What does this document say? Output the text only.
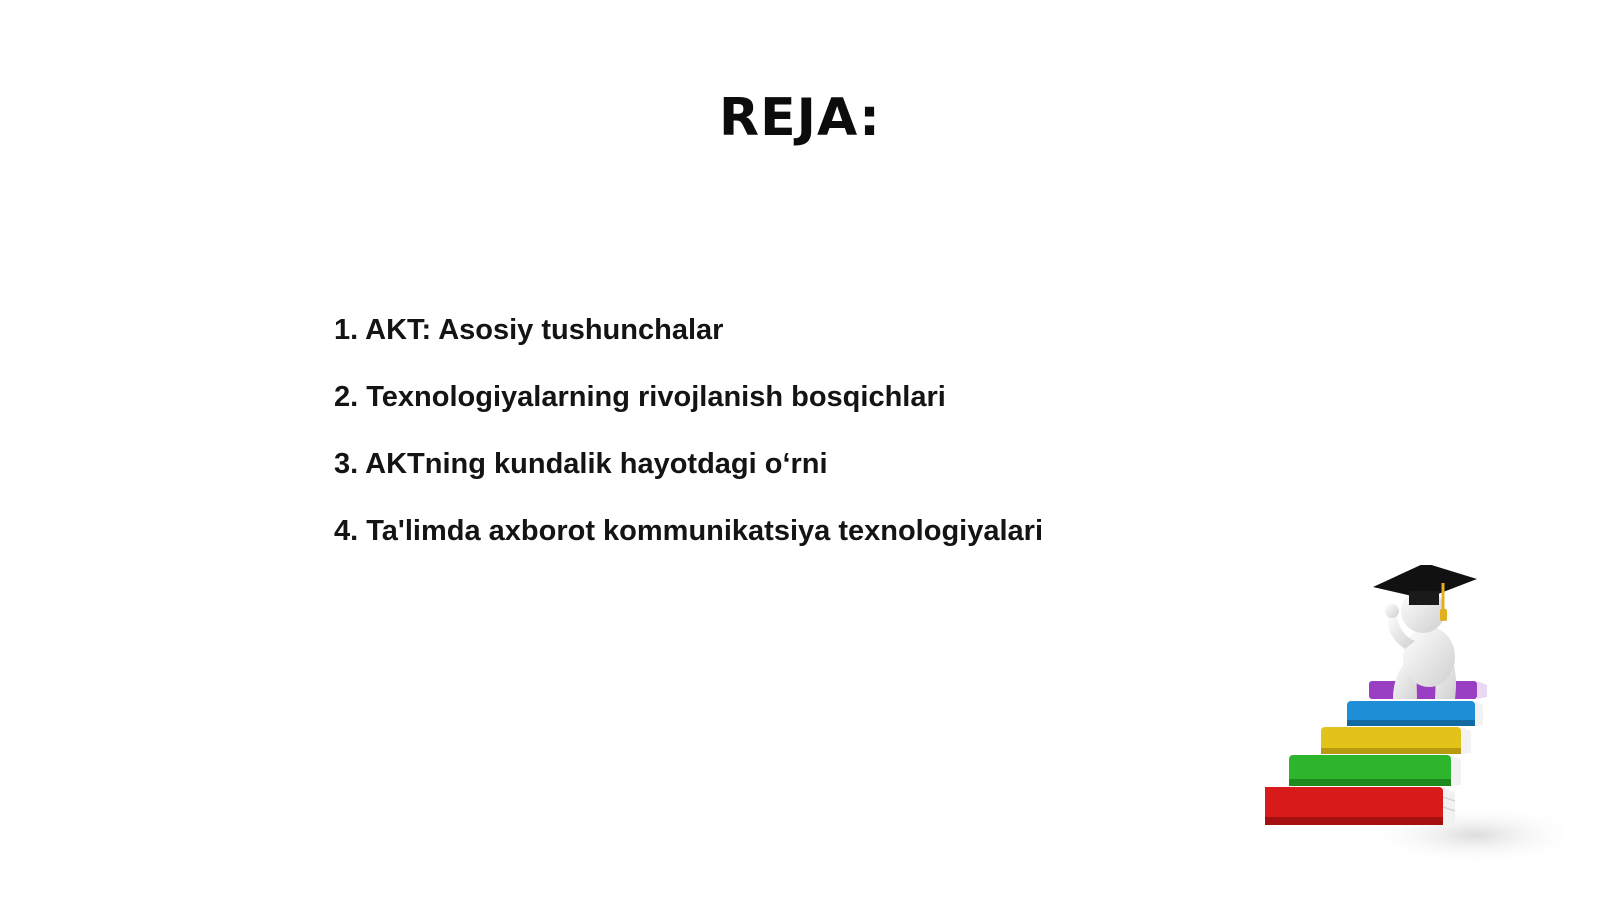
REJA:
1. AKT: Asosiy tushunchalar
2. Texnologiyalarning rivojlanish bosqichlari
3. AKTning kundalik hayotdagi o‘rni
4. Ta'limda axborot kommunikatsiya texnologiyalari
